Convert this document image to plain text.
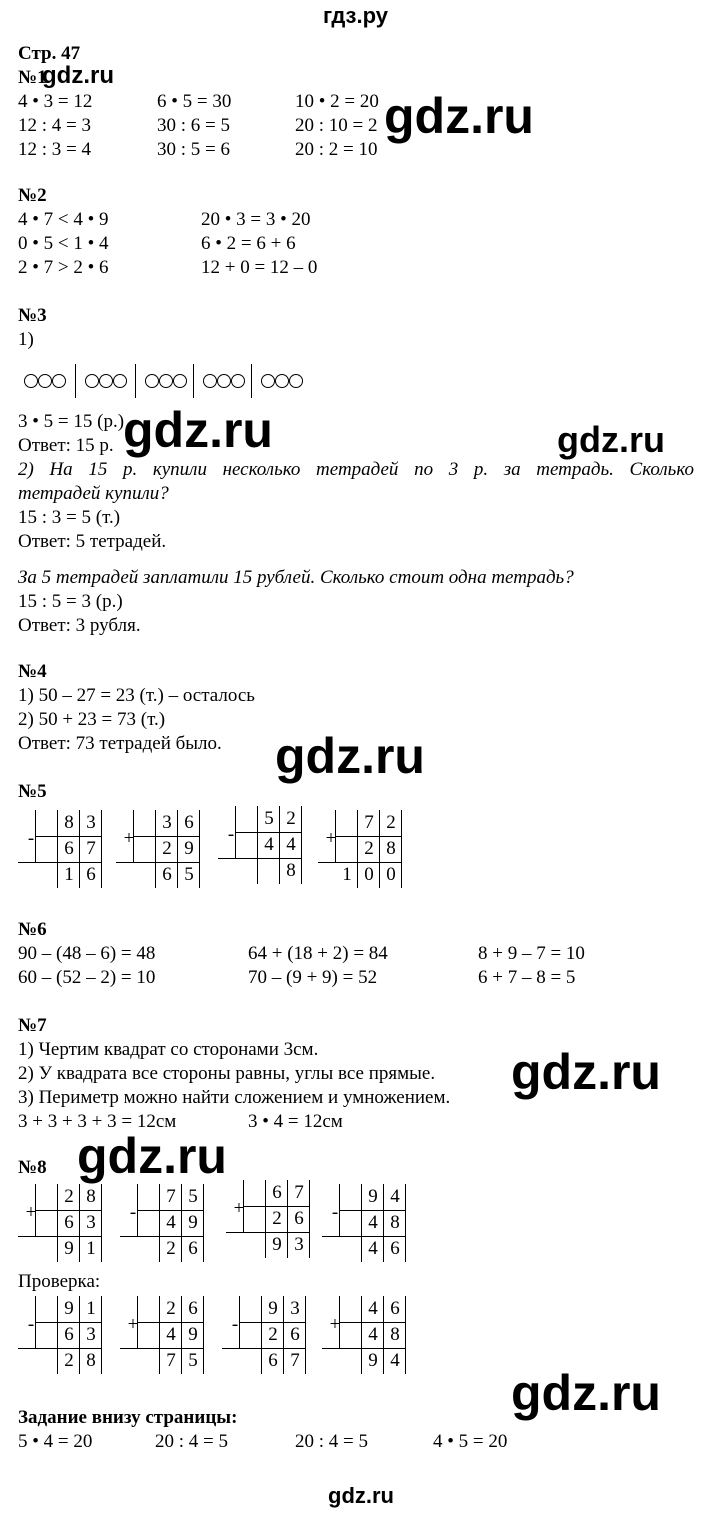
гдз.ру
Стр. 47
№1
4 • 3 = 12	6 • 5 = 30	10 • 2 = 20
12 : 4 = 3	30 : 6 = 5	20 : 10 = 2
12 : 3 = 4	30 : 5 = 6	20 : 2 = 10
№2
4 • 7 < 4 • 9	20 • 3 = 3 • 20
0 • 5 < 1 • 4	6 • 2 = 6 + 6
2 • 7 > 2 • 6	12 + 0 = 12 – 0
№3
1)
3 • 5 = 15 (р.)
Ответ: 15 р.
2) На 15 р. купили несколько тетрадей по 3 р. за тетрадь. Сколько
тетрадей купили?
15 : 3 = 5 (т.)
Ответ: 5 тетрадей.
За 5 тетрадей заплатили 15 рублей. Сколько стоит одна тетрадь?
15 : 5 = 3 (р.)
Ответ: 3 рубля.
№4
1) 50 – 27 = 23 (т.) – осталось
2) 50 + 23 = 73 (т.)
Ответ: 73 тетрадей было.
№5
-
8 3
6 7
1 6
+
3 6
2 9
6 5
-
5 2
4 4
8
+
7 2
2 8
1 0 0
№6
90 – (48 – 6) = 48	64 + (18 + 2) = 84	8 + 9 – 7 = 10
60 – (52 – 2) = 10	70 – (9 + 9) = 52	6 + 7 – 8 = 5
№7
1) Чертим квадрат со сторонами 3см.
2) У квадрата все стороны равны, углы все прямые.
3) Периметр можно найти сложением и умножением.
3 + 3 + 3 + 3 = 12см	3 • 4 = 12см
№8
+
2 8
6 3
9 1
-
7 5
4 9
2 6
+
6 7
2 6
9 3
-
9 4
4 8
4 6
Проверка:
-
9 1
6 3
2 8
+
2 6
4 9
7 5
-
9 3
2 6
6 7
+
4 6
4 8
9 4
Задание внизу страницы:
5 • 4 = 20	20 : 4 = 5	20 : 4 = 5	4 • 5 = 20
gdz.ru
gdz.ru
gdz.ru	gdz.ru
gdz.ru
gdz.ru
gdz.ru
gdz.ru
gdz.ru
